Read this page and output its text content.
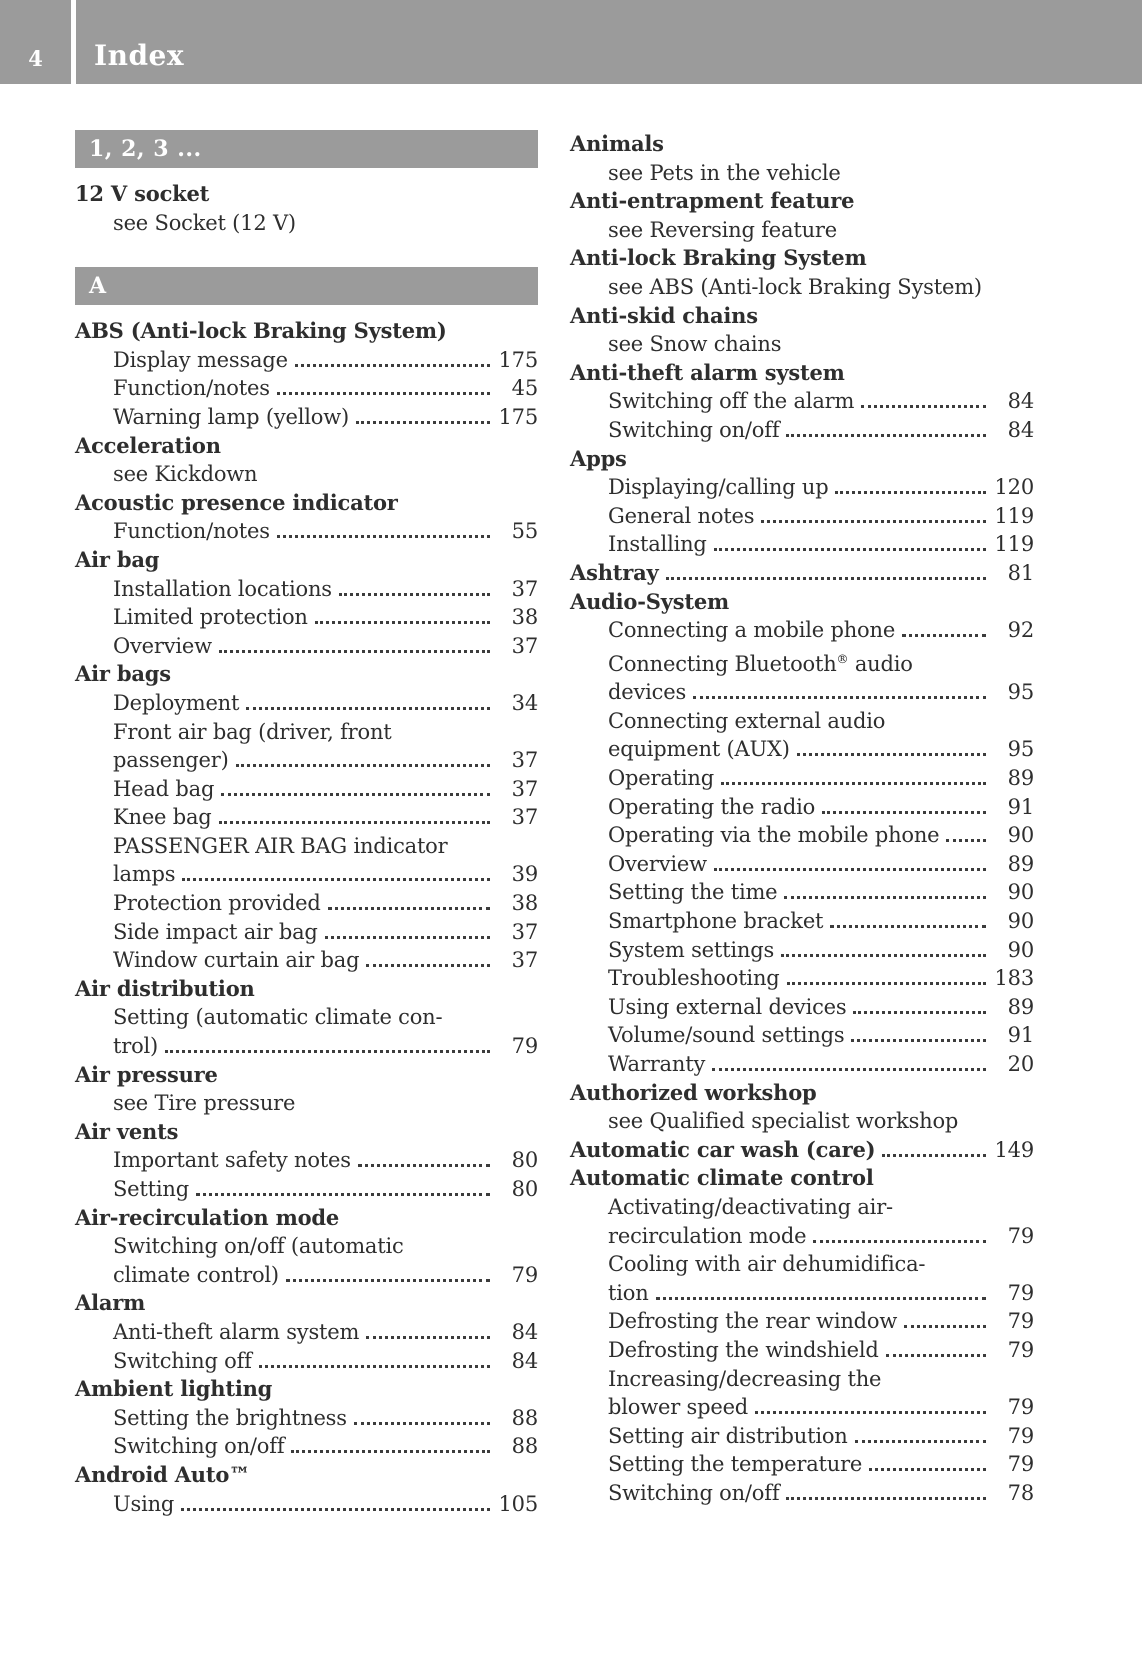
4	Index
1, 2, 3 ...
12 V socket
see Socket (12 V)
A
ABS (Anti-lock Braking System)
Display message	175
Function/notes	45
Warning lamp (yellow)	175
Acceleration
see Kickdown
Acoustic presence indicator
Function/notes	55
Air bag
Installation locations	37
Limited protection	38
Overview	37
Air bags
Deployment	34
Front air bag (driver, front
passenger)	37
Head bag	37
Knee bag	37
PASSENGER AIR BAG indicator
lamps	39
Protection provided	38
Side impact air bag	37
Window curtain air bag	37
Air distribution
Setting (automatic climate con-
trol)	79
Air pressure
see Tire pressure
Air vents
Important safety notes	80
Setting	80
Air-recirculation mode
Switching on/off (automatic
climate control)	79
Alarm
Anti-theft alarm system	84
Switching off	84
Ambient lighting
Setting the brightness	88
Switching on/off	88
Android Auto™
Using	105
Animals
see Pets in the vehicle
Anti-entrapment feature
see Reversing feature
Anti-lock Braking System
see ABS (Anti-lock Braking System)
Anti-skid chains
see Snow chains
Anti-theft alarm system
Switching off the alarm	84
Switching on/off	84
Apps
Displaying/calling up	120
General notes	119
Installing	119
Ashtray	81
Audio-System
Connecting a mobile phone	92
Connecting Bluetooth® audio
devices	95
Connecting external audio
equipment (AUX)	95
Operating	89
Operating the radio	91
Operating via the mobile phone	90
Overview	89
Setting the time	90
Smartphone bracket	90
System settings	90
Troubleshooting	183
Using external devices	89
Volume/sound settings	91
Warranty	20
Authorized workshop
see Qualified specialist workshop
Automatic car wash (care)	149
Automatic climate control
Activating/deactivating air-
recirculation mode	79
Cooling with air dehumidifica-
tion	79
Defrosting the rear window	79
Defrosting the windshield	79
Increasing/decreasing the
blower speed	79
Setting air distribution	79
Setting the temperature	79
Switching on/off	78
